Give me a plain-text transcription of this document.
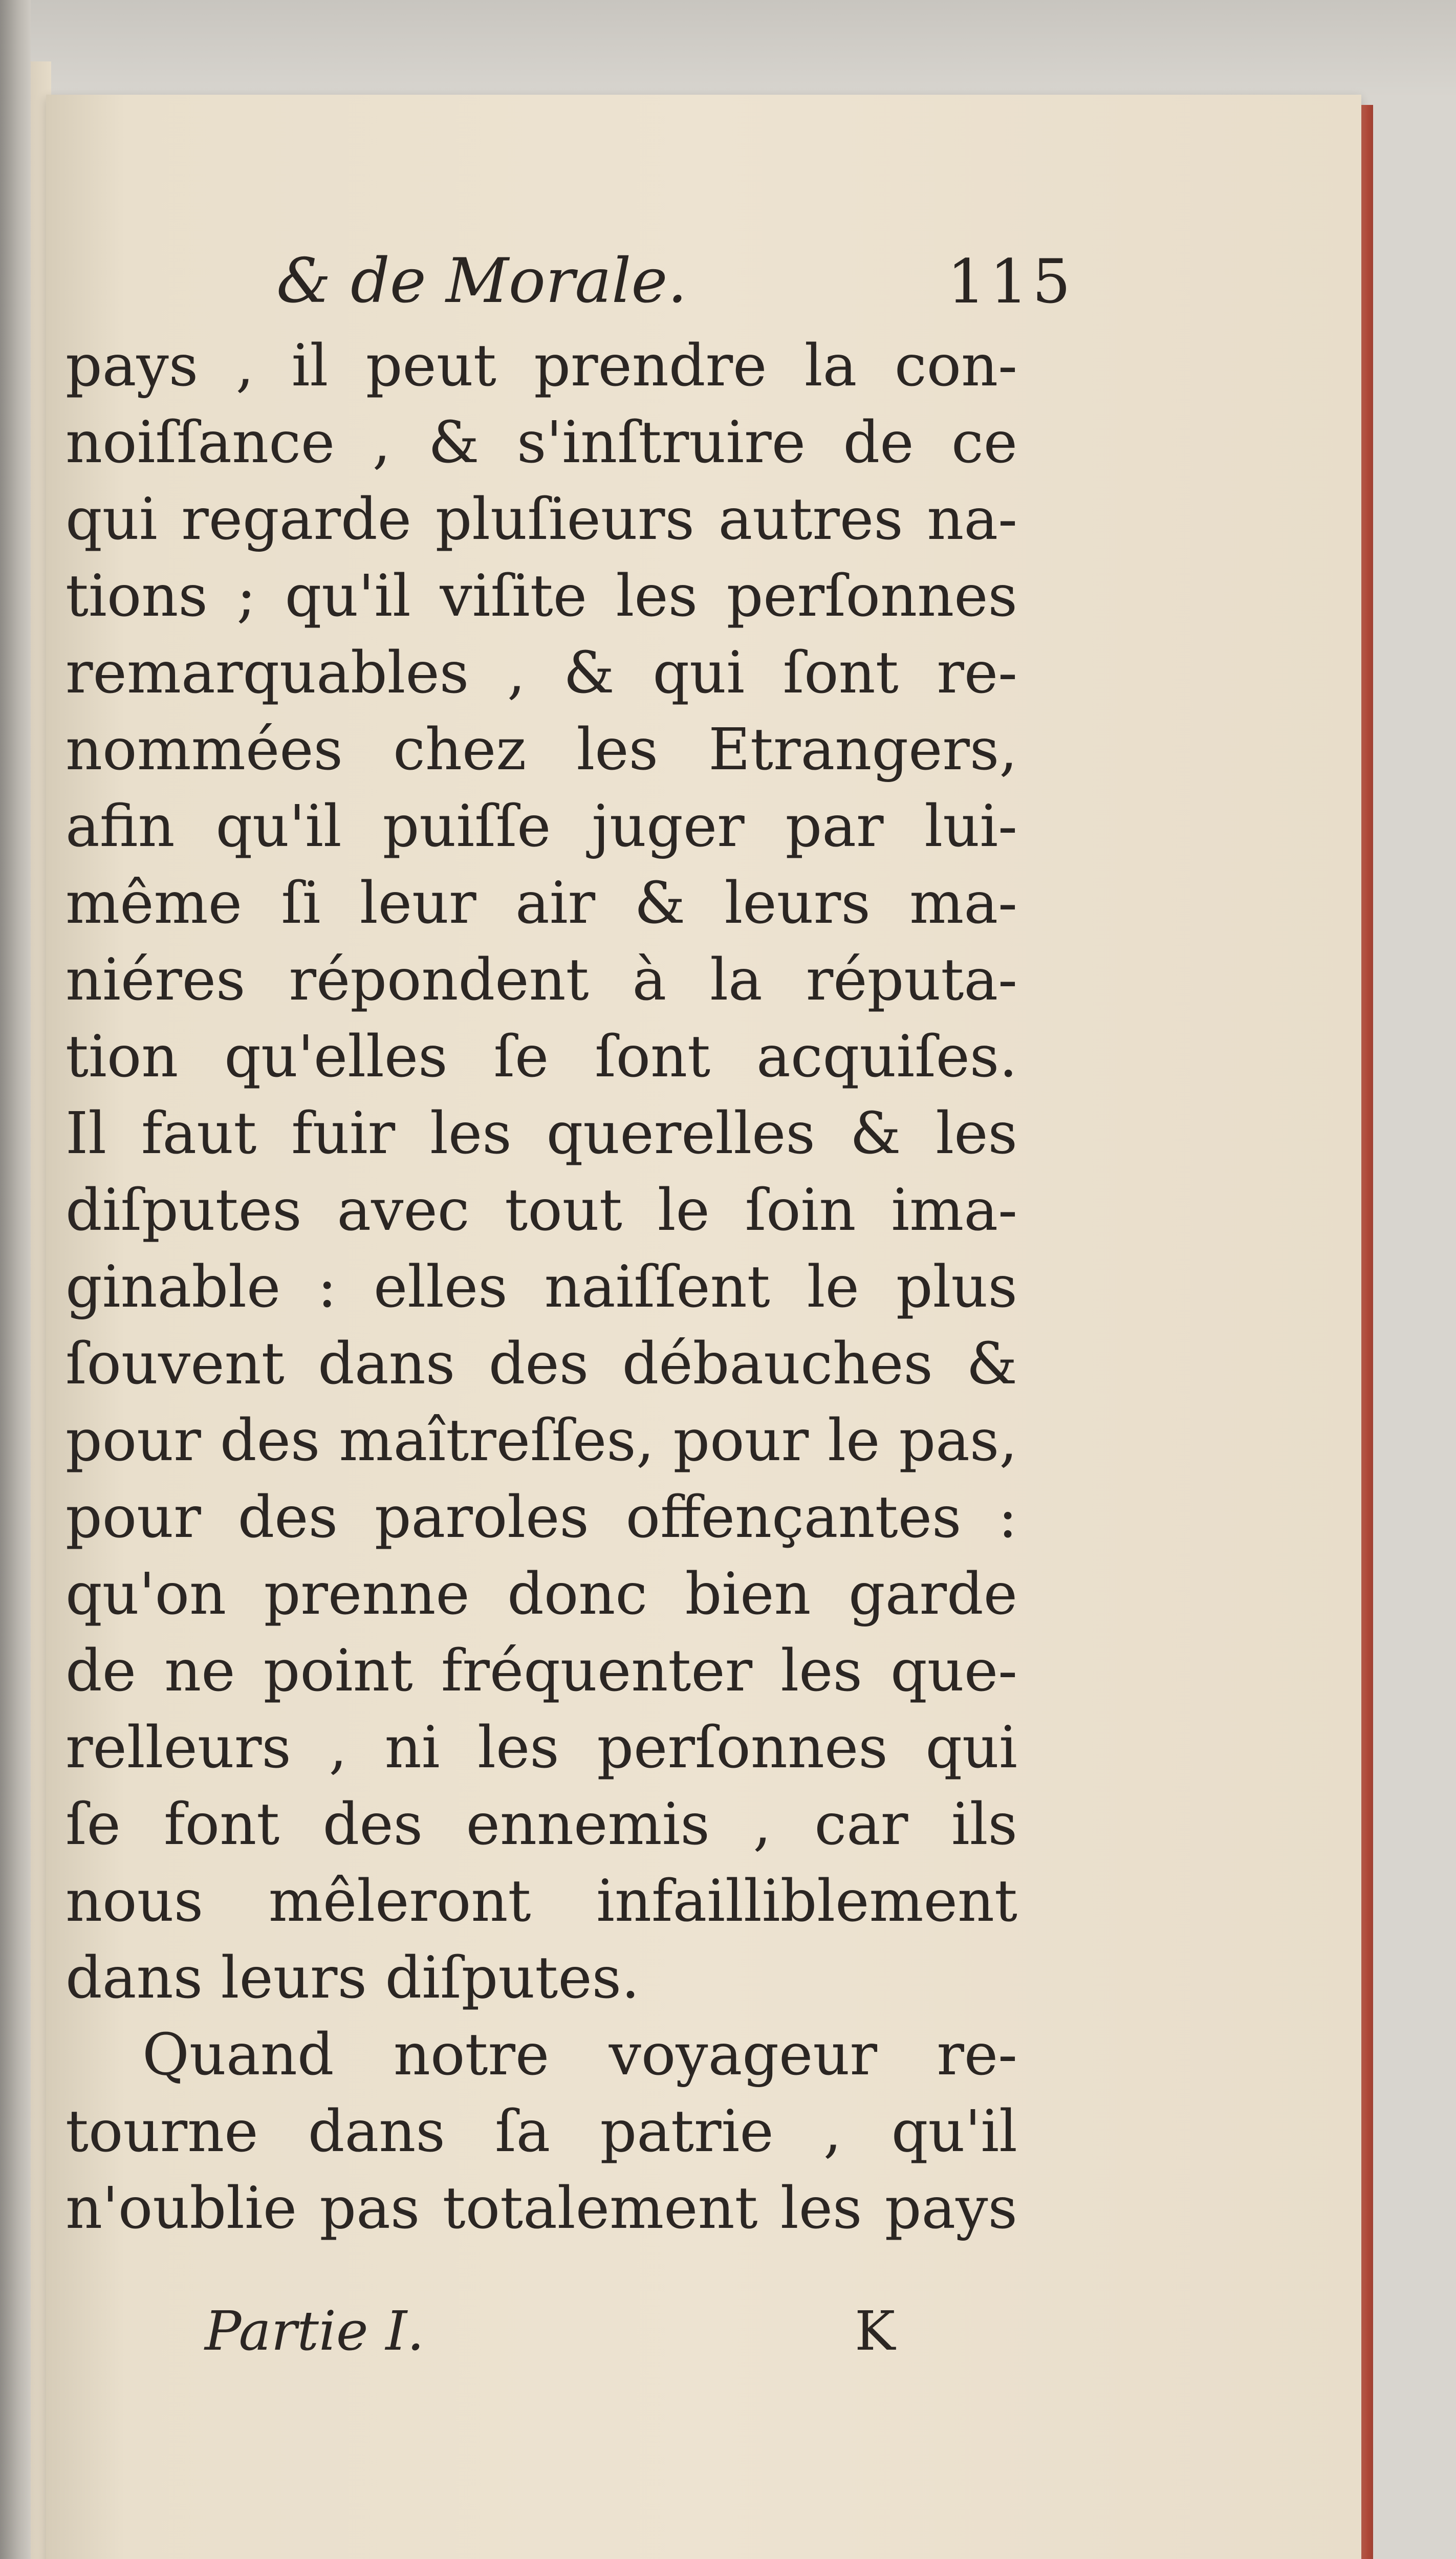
& de Morale.	115
pays , il peut prendre la con-
noiſſance , & s'inſtruire de ce
qui regarde pluſieurs autres na-
tions ; qu'il viſite les perſonnes
remarquables , & qui ſont re-
nommées chez les Etrangers,
afin qu'il puiſſe juger par lui-
même ſi leur air & leurs ma-
niéres répondent à la réputa-
tion qu'elles ſe ſont acquiſes.
Il faut fuir les querelles & les
diſputes avec tout le ſoin ima-
ginable : elles naiſſent le plus
ſouvent dans des débauches &
pour des maîtreſſes, pour le pas,
pour des paroles offençantes :
qu'on prenne donc bien garde
de ne point fréquenter les que-
relleurs , ni les perſonnes qui
ſe font des ennemis , car ils
nous mêleront infailliblement
dans leurs diſputes.
Quand notre voyageur re-
tourne dans ſa patrie , qu'il
n'oublie pas totalement les pays
Partie I.	K
